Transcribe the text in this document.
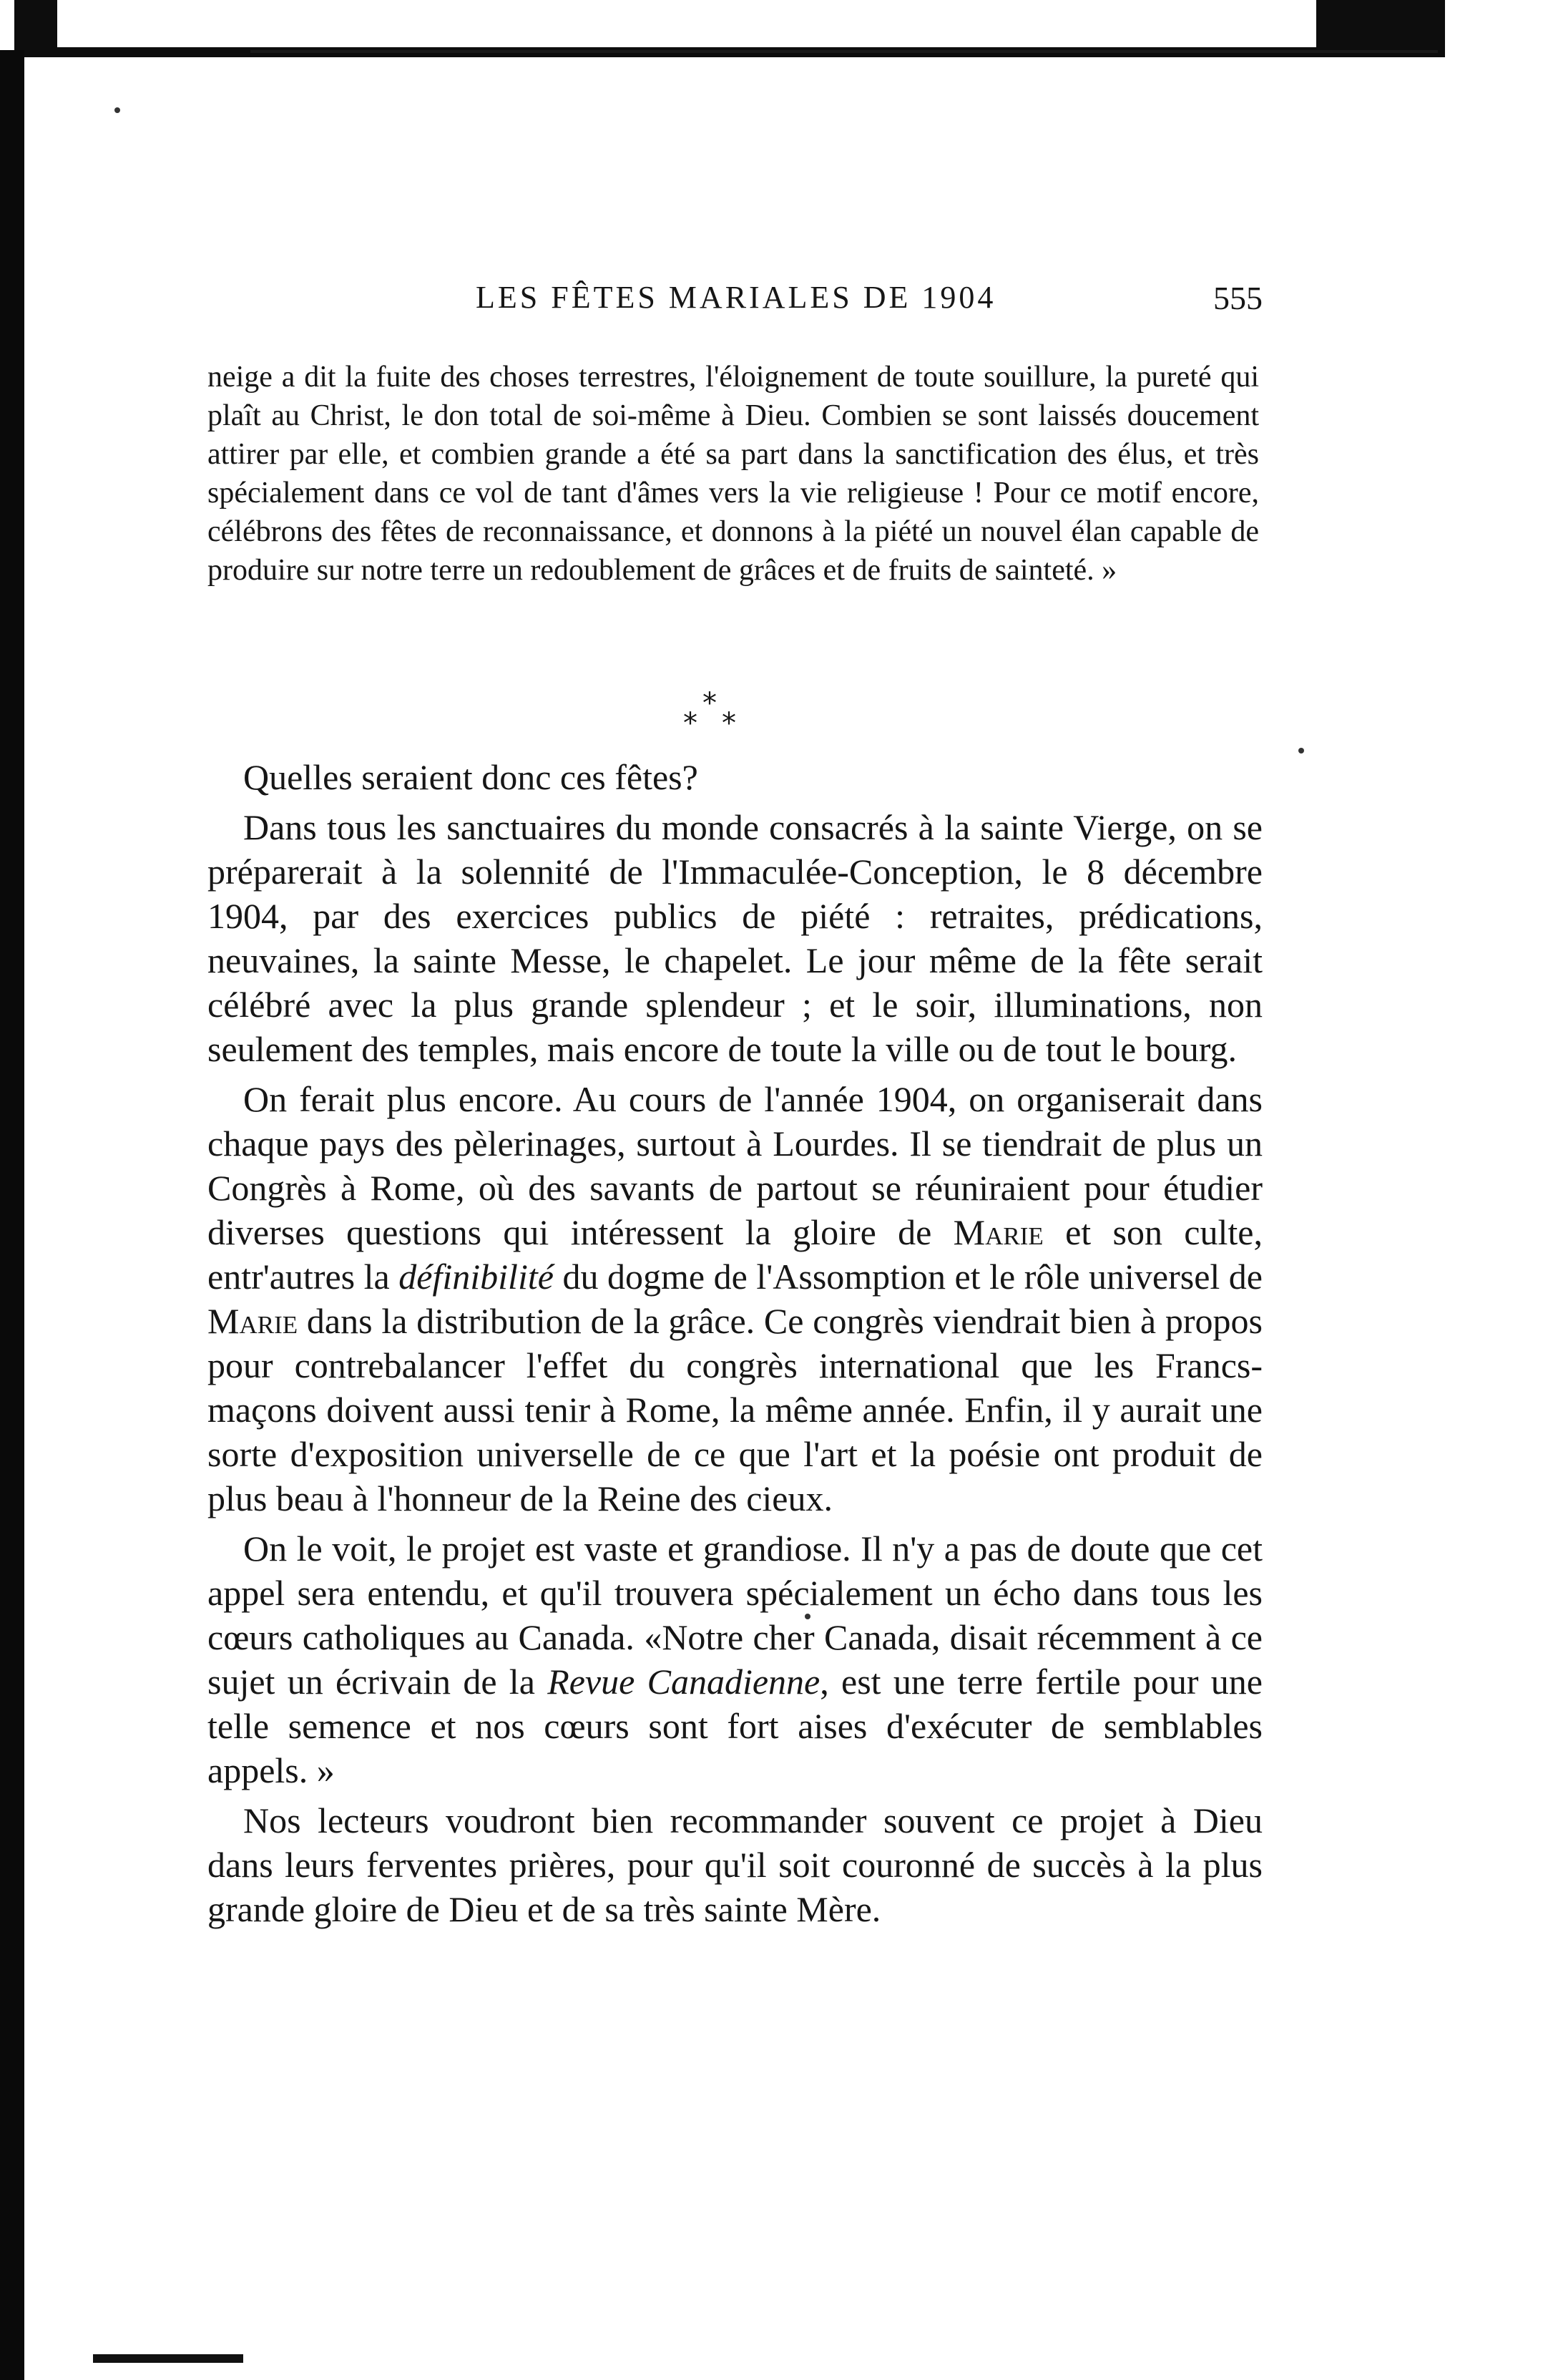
LES FÊTES MARIALES DE 1904	555
neige a dit la fuite des choses terrestres, l'éloignement de toute souillure, la pureté qui plaît au Christ, le don total de soi-même à Dieu. Combien se sont laissés doucement attirer par elle, et combien grande a été sa part dans la sanctification des élus, et très spécialement dans ce vol de tant d'âmes vers la vie religieuse ! Pour ce motif encore, célébrons des fêtes de reconnaissance, et donnons à la piété un nouvel élan capable de produire sur notre terre un redoublement de grâces et de fruits de sainteté. »
*
* *

Quelles seraient donc ces fêtes?

Dans tous les sanctuaires du monde consacrés à la sainte Vierge, on se préparerait à la solennité de l'Immaculée-Conception, le 8 décembre 1904, par des exercices publics de piété : retraites, prédications, neuvaines, la sainte Messe, le chapelet. Le jour même de la fête serait célébré avec la plus grande splendeur ; et le soir, illuminations, non seulement des temples, mais encore de toute la ville ou de tout le bourg.

On ferait plus encore. Au cours de l'année 1904, on organiserait dans chaque pays des pèlerinages, surtout à Lourdes. Il se tiendrait de plus un Congrès à Rome, où des savants de partout se réuniraient pour étudier diverses questions qui intéressent la gloire de Marie et son culte, entr'autres la définibilité du dogme de l'Assomption et le rôle universel de Marie dans la distribution de la grâce. Ce congrès viendrait bien à propos pour contrebalancer l'effet du congrès international que les Francs-maçons doivent aussi tenir à Rome, la même année. Enfin, il y aurait une sorte d'exposition universelle de ce que l'art et la poésie ont produit de plus beau à l'honneur de la Reine des cieux.

On le voit, le projet est vaste et grandiose. Il n'y a pas de doute que cet appel sera entendu, et qu'il trouvera spécialement un écho dans tous les cœurs catholiques au Canada. «Notre cher Canada, disait récemment à ce sujet un écrivain de la Revue Canadienne, est une terre fertile pour une telle semence et nos cœurs sont fort aises d'exécuter de semblables appels. »

Nos lecteurs voudront bien recommander souvent ce projet à Dieu dans leurs ferventes prières, pour qu'il soit couronné de succès à la plus grande gloire de Dieu et de sa très sainte Mère.
